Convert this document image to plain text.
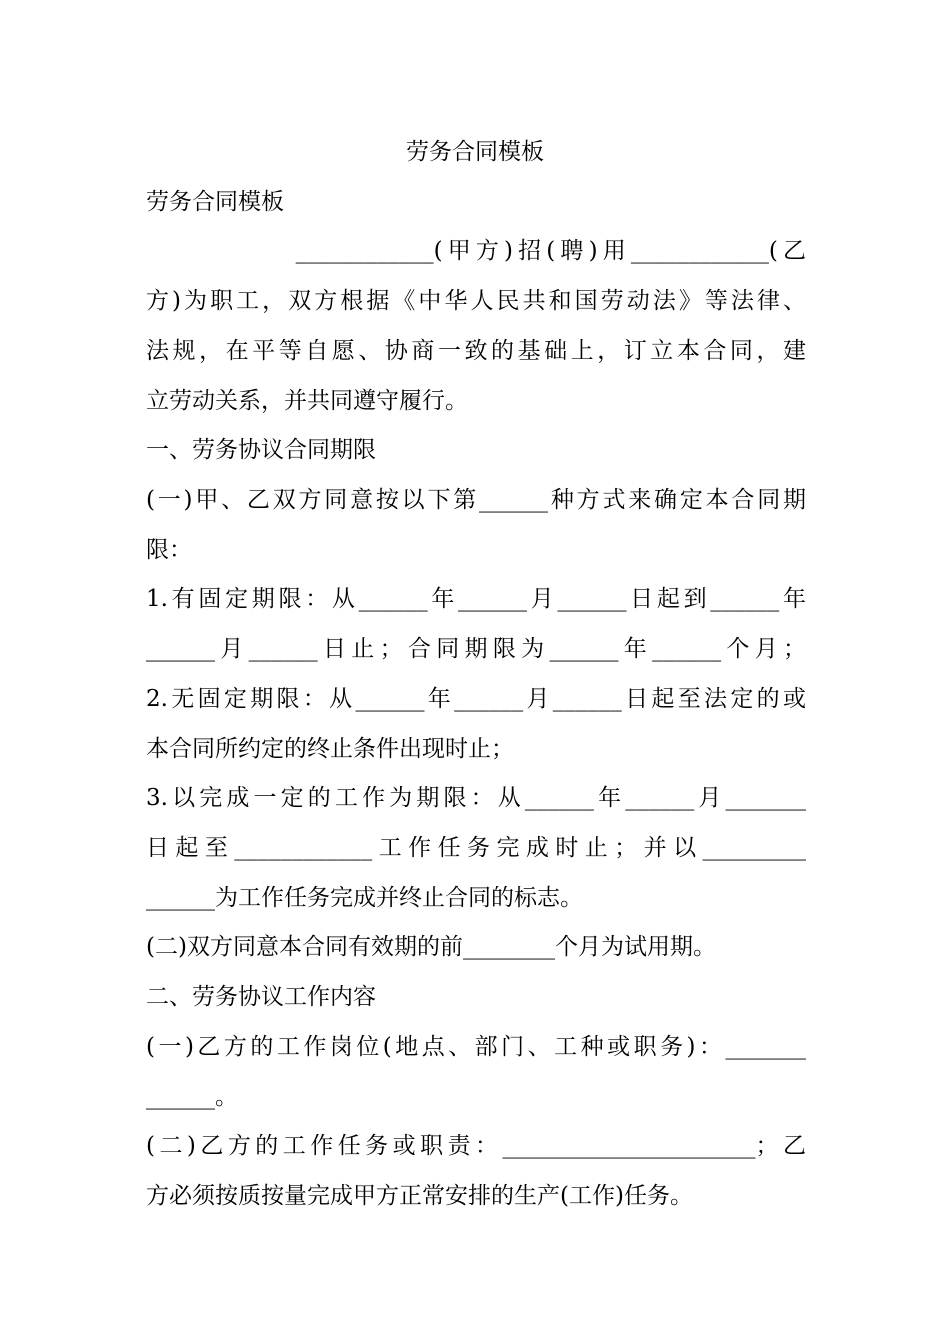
劳务合同模板
劳务合同模板
____________(甲方)招(聘)用____________(乙
方)为职工，双方根据《中华人民共和国劳动法》等法律、
法规，在平等自愿、协商一致的基础上，订立本合同，建
立劳动关系，并共同遵守履行。
一、劳务协议合同期限
(一)甲、乙双方同意按以下第______种方式来确定本合同期
限：
1.有固定期限：从______年______月______日起到______年
______月______日止；合同期限为______年______个月；
2.无固定期限：从______年______月______日起至法定的或
本合同所约定的终止条件出现时止；
3.以完成一定的工作为期限：从______年______月_______
日起至____________工作任务完成时止；并以_________
______为工作任务完成并终止合同的标志。
(二)双方同意本合同有效期的前________个月为试用期。
二、劳务协议工作内容
(一)乙方的工作岗位(地点、部门、工种或职务)：_______
______。
(二)乙方的工作任务或职责：______________________；乙
方必须按质按量完成甲方正常安排的生产(工作)任务。
